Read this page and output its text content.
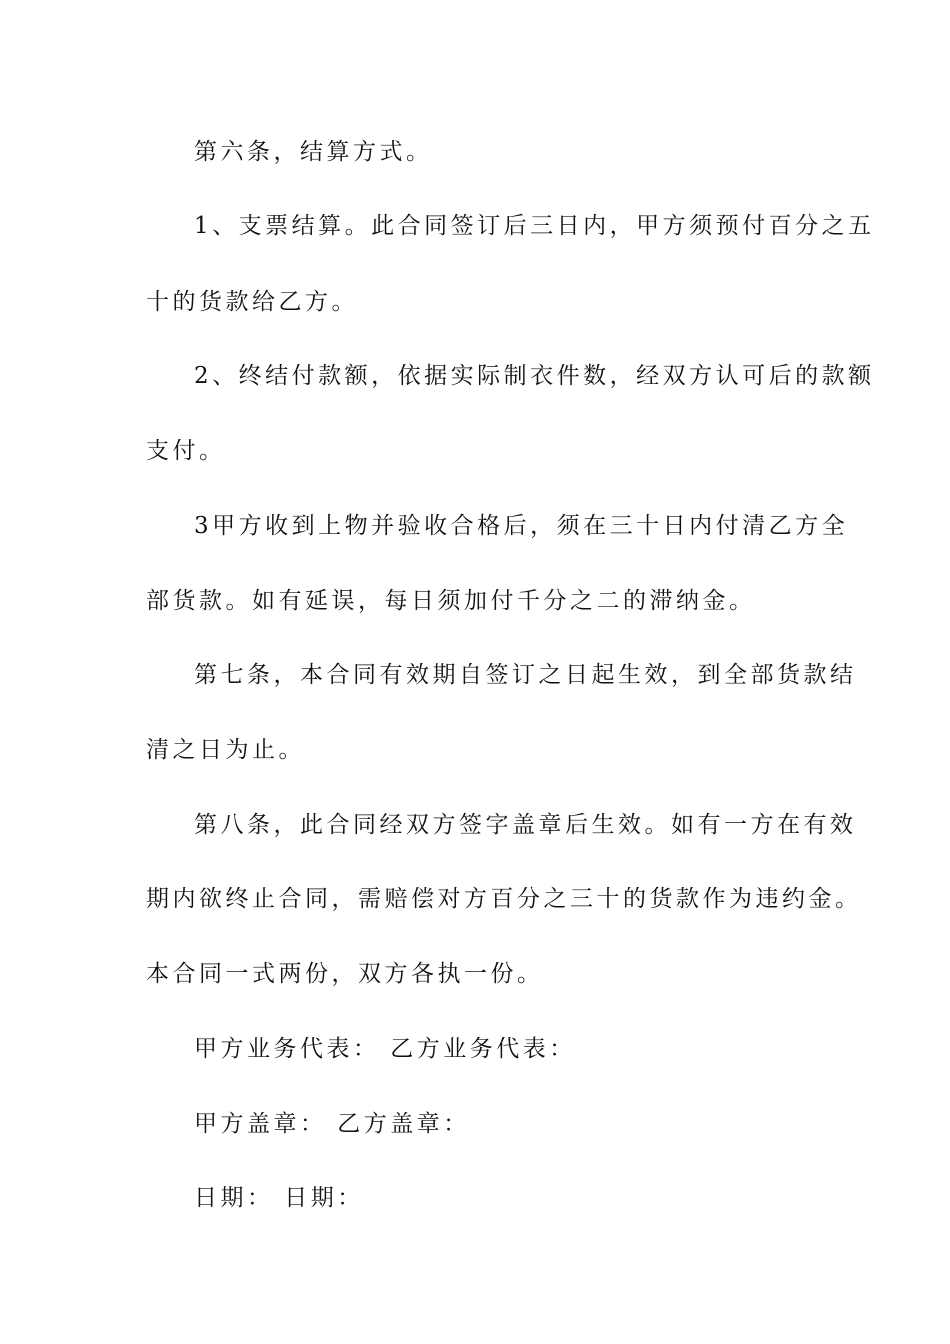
第六条，结算方式。
1、支票结算。此合同签订后三日内，甲方须预付百分之五
十的货款给乙方。
2、终结付款额，依据实际制衣件数，经双方认可后的款额
支付。
3甲方收到上物并验收合格后，须在三十日内付清乙方全
部货款。如有延误，每日须加付千分之二的滞纳金。
第七条，本合同有效期自签订之日起生效，到全部货款结
清之日为止。
第八条，此合同经双方签字盖章后生效。如有一方在有效
期内欲终止合同，需赔偿对方百分之三十的货款作为违约金。
本合同一式两份，双方各执一份。
甲方业务代表： 乙方业务代表：
甲方盖章： 乙方盖章：
日期： 日期：
